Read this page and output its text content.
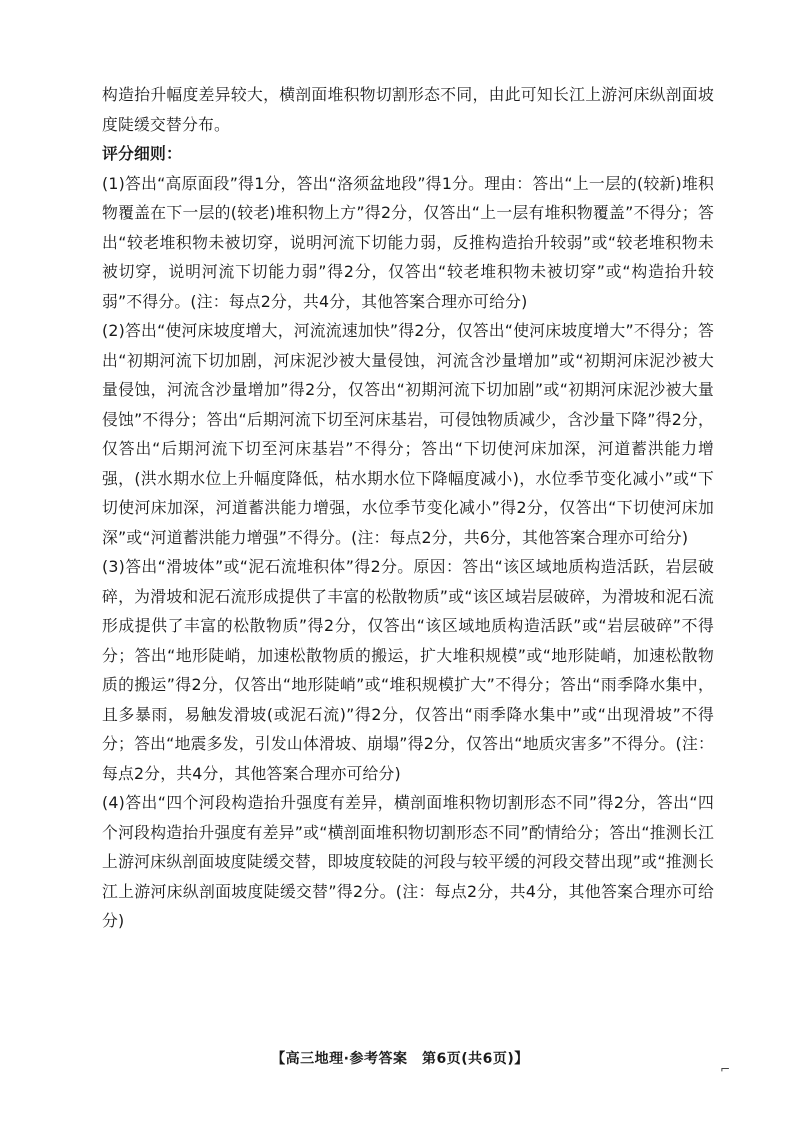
构造抬升幅度差异较大，横剖面堆积物切割形态不同，由此可知长江上游河床纵剖面坡度陡缓交替分布。

评分细则：

(1)答出“高原面段”得1分，答出“洛须盆地段”得1分。理由：答出“上一层的(较新)堆积物覆盖在下一层的(较老)堆积物上方”得2分，仅答出“上一层有堆积物覆盖”不得分；答出“较老堆积物未被切穿，说明河流下切能力弱，反推构造抬升较弱”或“较老堆积物未被切穿，说明河流下切能力弱”得2分，仅答出“较老堆积物未被切穿”或“构造抬升较弱”不得分。(注：每点2分，共4分，其他答案合理亦可给分)

(2)答出“使河床坡度增大，河流流速加快”得2分，仅答出“使河床坡度增大”不得分；答出“初期河流下切加剧，河床泥沙被大量侵蚀，河流含沙量增加”或“初期河床泥沙被大量侵蚀，河流含沙量增加”得2分，仅答出“初期河流下切加剧”或“初期河床泥沙被大量侵蚀”不得分；答出“后期河流下切至河床基岩，可侵蚀物质减少，含沙量下降”得2分，仅答出“后期河流下切至河床基岩”不得分；答出“下切使河床加深，河道蓄洪能力增强，(洪水期水位上升幅度降低，枯水期水位下降幅度减小)，水位季节变化减小”或“下切使河床加深，河道蓄洪能力增强，水位季节变化减小”得2分，仅答出“下切使河床加深”或“河道蓄洪能力增强”不得分。(注：每点2分，共6分，其他答案合理亦可给分)

(3)答出“滑坡体”或“泥石流堆积体”得2分。原因：答出“该区域地质构造活跃，岩层破碎，为滑坡和泥石流形成提供了丰富的松散物质”或“该区域岩层破碎，为滑坡和泥石流形成提供了丰富的松散物质”得2分，仅答出“该区域地质构造活跃”或“岩层破碎”不得分；答出“地形陡峭，加速松散物质的搬运，扩大堆积规模”或“地形陡峭，加速松散物质的搬运”得2分，仅答出“地形陡峭”或“堆积规模扩大”不得分；答出“雨季降水集中，且多暴雨，易触发滑坡(或泥石流)”得2分，仅答出“雨季降水集中”或“出现滑坡”不得分；答出“地震多发，引发山体滑坡、崩塌”得2分，仅答出“地质灾害多”不得分。(注：每点2分，共4分，其他答案合理亦可给分)

(4)答出“四个河段构造抬升强度有差异，横剖面堆积物切割形态不同”得2分，答出“四个河段构造抬升强度有差异”或“横剖面堆积物切割形态不同”酌情给分；答出“推测长江上游河床纵剖面坡度陡缓交替，即坡度较陡的河段与较平缓的河段交替出现”或“推测长江上游河床纵剖面坡度陡缓交替”得2分。(注：每点2分，共4分，其他答案合理亦可给分)

【高三地理·参考答案　第6页(共6页)】
⌐
